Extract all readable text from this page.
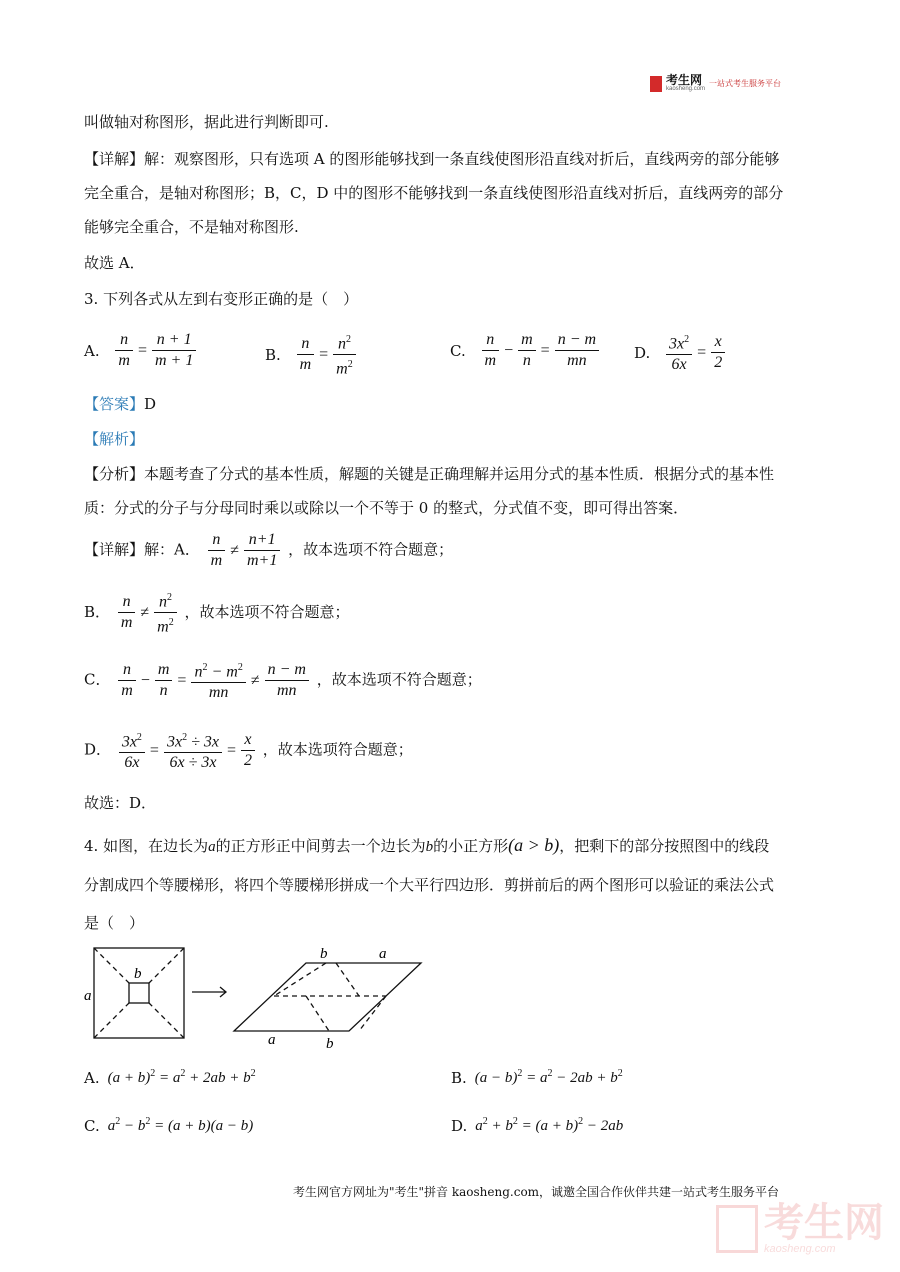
考生网
kaosheng.com
一站式考生服务平台
叫做轴对称图形，据此进行判断即可.
【详解】解：观察图形，只有选项 A 的图形能够找到一条直线使图形沿直线对折后，直线两旁的部分能够
完全重合，是轴对称图形；B，C，D 中的图形不能够找到一条直线使图形沿直线对折后，直线两旁的部分
能够完全重合，不是轴对称图形.
故选 A．
3. 下列各式从左到右变形正确的是（　）
A. $\frac{n}{m} = \frac{n + 1}{m + 1}$	B. $\frac{n}{m} = \frac{n^2}{m^2}$	C. $\frac{n}{m} - \frac{m}{n} = \frac{n - m}{mn} D$. $\frac{3x^2}{6x} = \frac{x}{2}$
【答案】D
【解析】
【分析】本题考查了分式的基本性质，解题的关键是正确理解并运用分式的基本性质．根据分式的基本性
质：分式的分子与分母同时乘以或除以一个不等于 0 的整式，分式值不变，即可得出答案．
【详解】解：A． $\frac{n}{m} \ne \frac{n+1}{m+1}$ ，故本选项不符合题意；
B． $\frac{n}{m} \ne \frac{n^2}{m^2}$ ，故本选项不符合题意；
C． $\frac{n}{m} - \frac{m}{n} = \frac{n^2 - m^2}{mn} \ne \frac{n - m}{mn}$ ，故本选项不符合题意；
D． $\frac{3x^2}{6x} = \frac{3x^2 \div 3x}{6x \div 3x} = \frac{x}{2}$ ，故本选项符合题意；
故选：D．
4. 如图，在边长为a的正方形正中间剪去一个边长为b的小正方形(a > b)，把剩下的部分按照图中的线段
分割成四个等腰梯形，将四个等腰梯形拼成一个大平行四边形．剪拼前后的两个图形可以验证的乘法公式
是（　）
a
b
b	a
a	b
A. $(a + b)^2 = a^2 + 2ab + b^2$	B. $(a - b)^2 = a^2 - 2ab + b^2$
C. $a^2 - b^2 = (a + b)(a - b)$	D. $a^2 + b^2 = (a + b)^2 - 2ab$
考生网官方网址为"考生"拼音 kaosheng.com，诚邀全国合作伙伴共建一站式考生服务平台
考生网
kaosheng.com
